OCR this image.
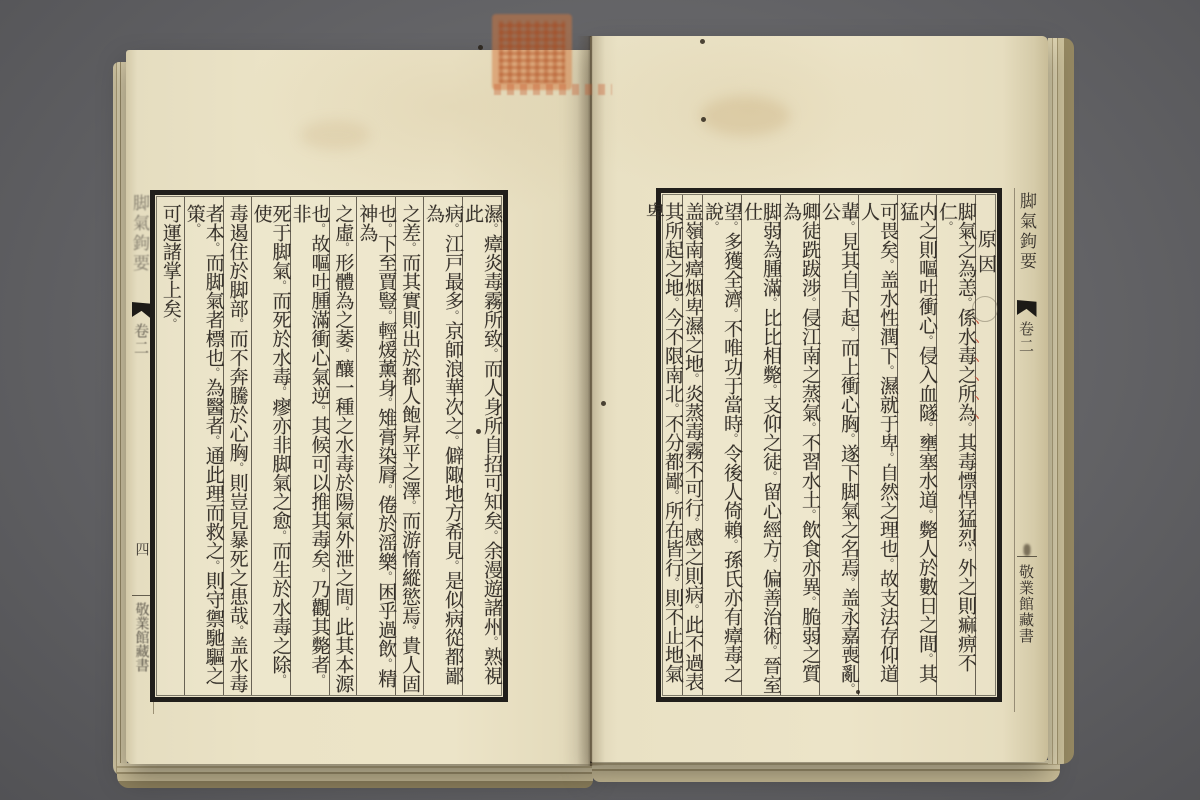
脚氣鉤要
卷二
四
敬業館藏書
濕。瘴炎毒霧所致。而人身所自招可知矣。余漫遊諸州。熟視此
病。江戸最多。京師浪華次之。僻陬地方希見。是似病從都鄙為
之差。而其實則出於都人飽昇平之澤。而游惰縱慾焉。貴人固
也。下至賈豎。輕煖薰身。雉膏染脣。倦於滛樂。困乎過飲。精神為
之虛。形體為之萎。釀一種之水毒於陽氣外泄之間。此其本源
也。故嘔吐腫滿衝心氣逆。其候可以推其毒矣。乃觀其斃者。非
死于脚氣。而死於水毒。瘳亦非脚氣之愈。而生於水毒之除。使
毒遏住於脚部。而不奔騰於心胸。則豈見暴死之患哉。盖水毒
者本。而脚氣者標也。為醫者。通此理而救之。則守禦馳驅之策。
可運諸掌上矣。
原因
脚氣之為恙。係 丶水 丶毒 丶之 丶所 丶為 丶。其毒慓悍猛烈。外之則痲痹不仁。
内之則嘔吐衝心。侵入血隧。壅塞水道。斃人於數日之間。其猛
可畏矣。盖水性潤下。濕就于卑。自然之理也。故支法存仰道人
輩。見其自下起。而上衝心胸。遂下脚氣之名焉。盖永嘉喪亂。公
卿徒跣跋涉。侵江南之蒸氣。不習水土。飲食亦異。脆弱之質為
脚弱為腫滿。比比相斃。支仰之徒。留心經方。偏善治術。晉室仕
望。多獲全濟。不唯功于當時。令後人倚賴。孫氏亦有瘴毒之說。
盖嶺南瘴烟卑濕之地。炎蒸毒霧不可行。感之則病。此不過表
其所起之地。今不限南北。不分都鄙。所在皆行。則不止地氣卑	脚氣鉤要
卷二
敬業館藏書
